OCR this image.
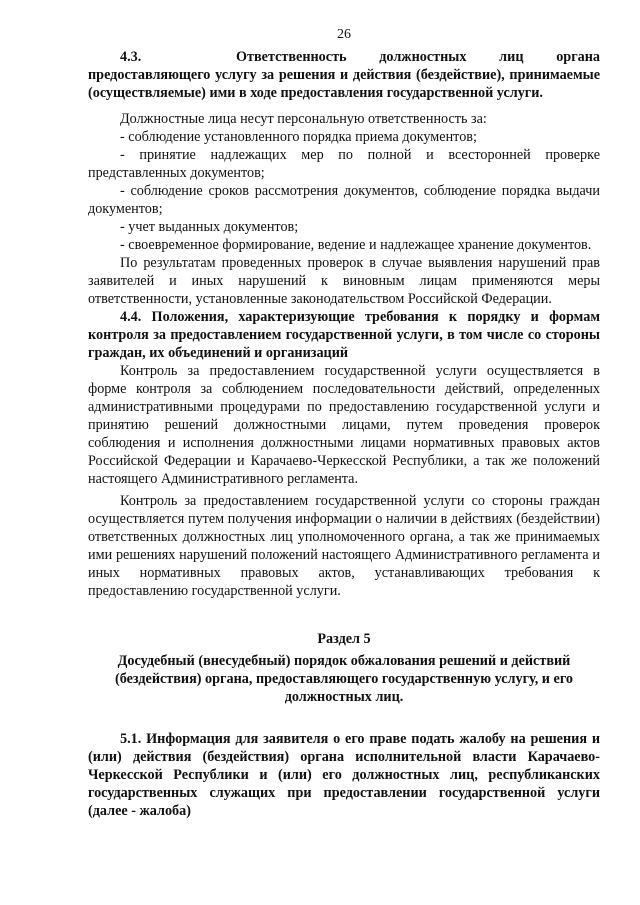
26

4.3.	Ответственность должностных лиц органа предоставляющего услугу за решения и действия (бездействие), принимаемые (осуществляемые) ими в ходе предоставления государственной услуги.

Должностные лица несут персональную ответственность за:

- соблюдение установленного порядка приема документов;

- принятие надлежащих мер по полной и всесторонней проверке представленных документов;

- соблюдение сроков рассмотрения документов, соблюдение порядка выдачи документов;

- учет выданных документов;

- своевременное формирование, ведение и надлежащее хранение документов.

По результатам проведенных проверок в случае выявления нарушений прав заявителей и иных нарушений к виновным лицам применяются меры ответственности, установленные законодательством Российской Федерации.

4.4. Положения, характеризующие требования к порядку и формам контроля за предоставлением государственной услуги, в том числе со стороны граждан, их объединений и организаций

Контроль за предоставлением государственной услуги осуществляется в форме контроля за соблюдением последовательности действий, определенных административными процедурами по предоставлению государственной услуги и принятию решений должностными лицами, путем проведения проверок соблюдения и исполнения должностными лицами нормативных правовых актов Российской Федерации и Карачаево-Черкесской Республики, а так же положений настоящего Административного регламента.

Контроль за предоставлением государственной услуги со стороны граждан осуществляется путем получения информации о наличии в действиях (бездействии) ответственных должностных лиц уполномоченного органа, а так же принимаемых ими решениях нарушений положений настоящего Административного регламента и иных нормативных правовых актов, устанавливающих требования к предоставлению государственной услуги.

Раздел 5

Досудебный (внесудебный) порядок обжалования решений и действий (бездействия) органа, предоставляющего государственную услугу, и его должностных лиц.

5.1. Информация для заявителя о его праве подать жалобу на решения и (или) действия (бездействия) органа исполнительной власти Карачаево-Черкесской Республики и (или) его должностных лиц, республиканских государственных служащих при предоставлении государственной услуги (далее - жалоба)
